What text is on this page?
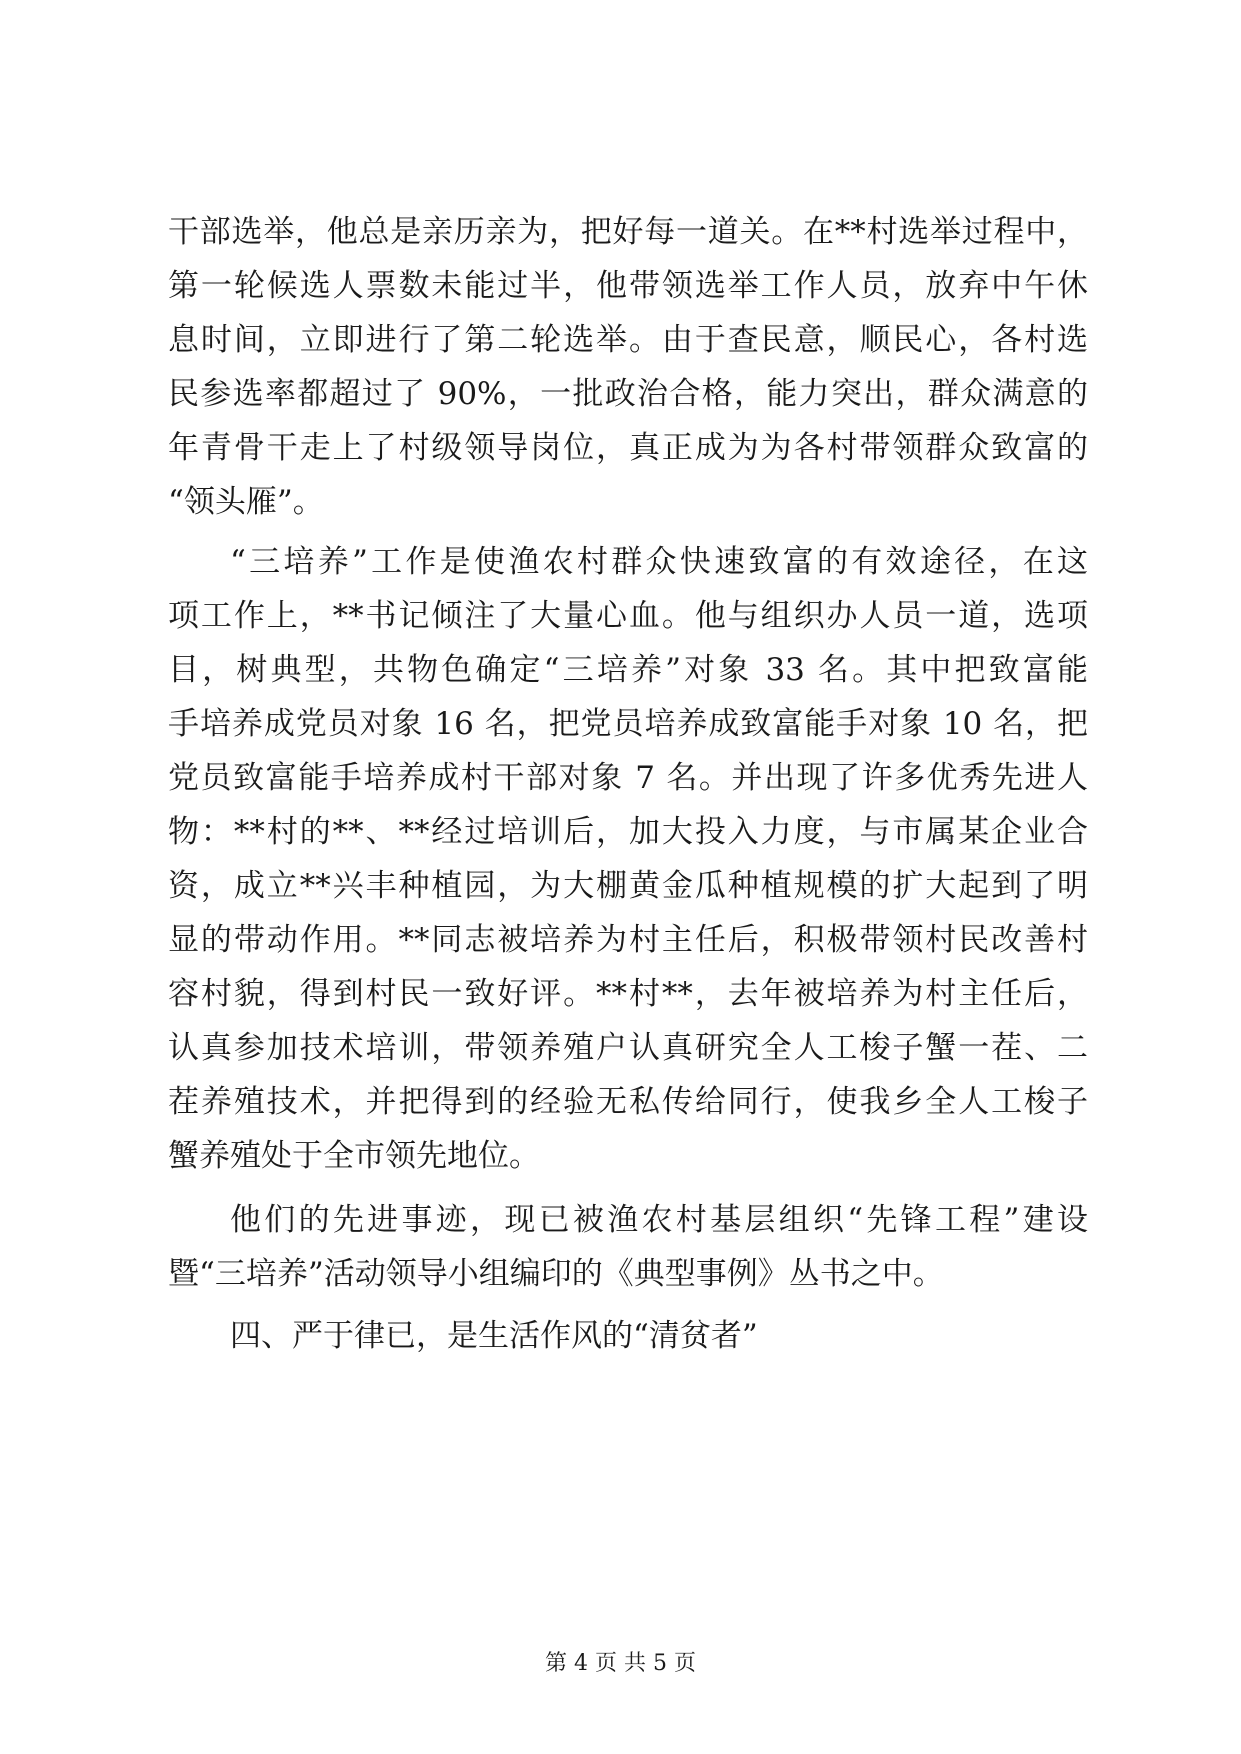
干部选举，他总是亲历亲为，把好每一道关。在**村选举过程中，
第一轮候选人票数未能过半，他带领选举工作人员，放弃中午休
息时间，立即进行了第二轮选举。由于查民意，顺民心，各村选
民参选率都超过了 90%，一批政治合格，能力突出，群众满意的
年青骨干走上了村级领导岗位，真正成为为各村带领群众致富的
“领头雁”。
“三培养”工作是使渔农村群众快速致富的有效途径，在这
项工作上，**书记倾注了大量心血。他与组织办人员一道，选项
目，树典型，共物色确定“三培养”对象 33 名。其中把致富能
手培养成党员对象 16 名，把党员培养成致富能手对象 10 名，把
党员致富能手培养成村干部对象 7 名。并出现了许多优秀先进人
物：**村的**、**经过培训后，加大投入力度，与市属某企业合
资，成立**兴丰种植园，为大棚黄金瓜种植规模的扩大起到了明
显的带动作用。**同志被培养为村主任后，积极带领村民改善村
容村貌，得到村民一致好评。**村**，去年被培养为村主任后，
认真参加技术培训，带领养殖户认真研究全人工梭子蟹一茬、二
茬养殖技术，并把得到的经验无私传给同行，使我乡全人工梭子
蟹养殖处于全市领先地位。
他们的先进事迹，现已被渔农村基层组织“先锋工程”建设
暨“三培养”活动领导小组编印的《典型事例》丛书之中。
四、严于律已，是生活作风的“清贫者”
第 4 页 共 5 页
